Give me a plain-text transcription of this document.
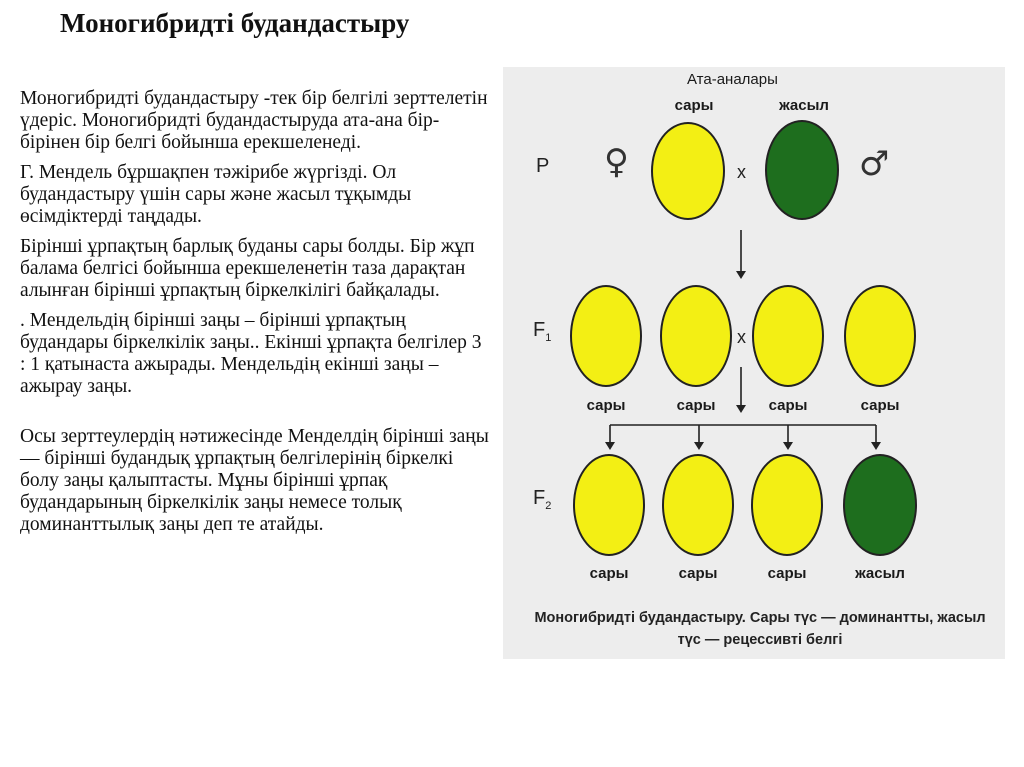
Моногибридті будандастыру

Моногибридті будандастыру -тек бір белгілі зерттелетін үдеріс. Моногибридті будандастыруда ата-ана бір-бірінен бір белгі бойынша ерекшеленеді.

Г. Мендель бұршақпен тәжірибе жүргізді. Ол будандастыру үшін сары және жасыл тұқымды өсімдіктерді таңдады.

Бірінші ұрпақтың барлық буданы сары болды. Бір жұп балама белгісі бойынша ерекшеленетін таза дарақтан алынған бірінші ұрпақтың біркелкілігі байқалады.

. Мендельдің бірінші заңы – бірінші ұрпақтың будандары біркелкілік заңы.. Екінші ұрпақта белгілер 3 : 1 қатынаста ажырады. Мендельдің екінші заңы – ажырау заңы.

Осы зерттеулердің нәтижесінде Менделдің бірінші заңы — бірінші будандық ұрпақтың белгілерінің біркелкі болу заңы қалыптасты. Мұны бірінші ұрпақ будандарының біркелкілік заңы немесе толық доминанттылық заңы деп те атайды.

Ата-аналары
сары	жасыл
P ♀	x	♂
$F_1$	x
сары	сары	сары	сары
$F_2$
сары	сары	сары	жасыл
Моногибридті будандастыру. Сары түс — доминантты, жасыл
түс — рецессивті белгі
